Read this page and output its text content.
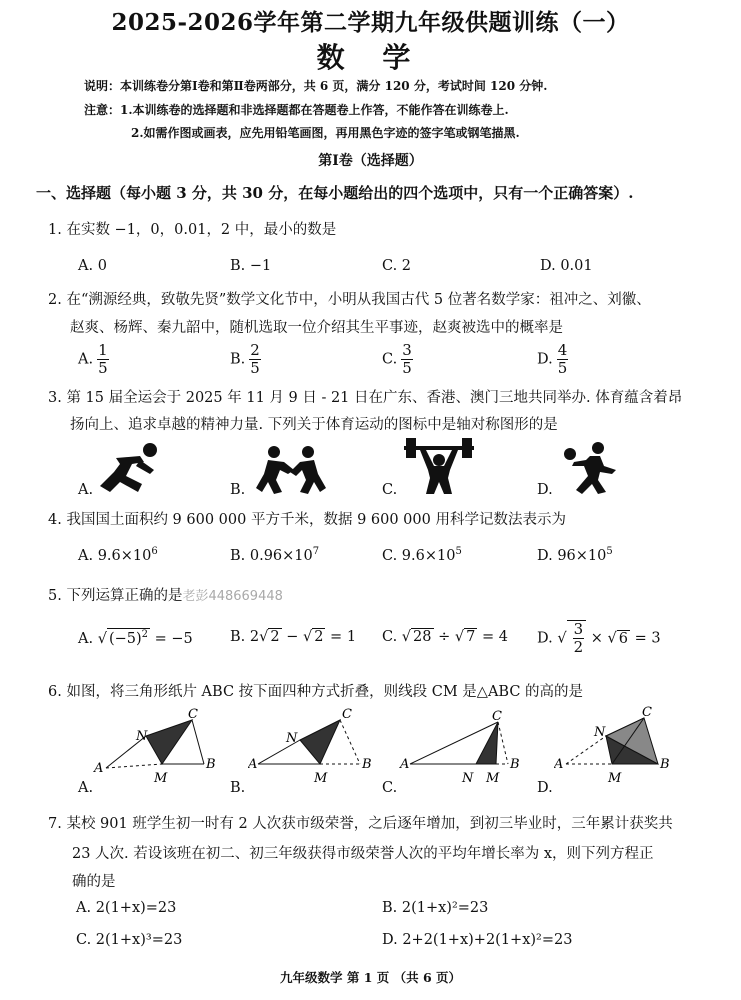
2025-2026学年第二学期九年级供题训练（一）
数 学
说明：本训练卷分第Ⅰ卷和第Ⅱ卷两部分，共 6 页，满分 120 分，考试时间 120 分钟.
注意：1.本训练卷的选择题和非选择题都在答题卷上作答，不能作答在训练卷上.
2.如需作图或画表，应先用铅笔画图，再用黑色字迹的签字笔或钢笔描黑.
第Ⅰ卷（选择题）
一、选择题（每小题 3 分，共 30 分，在每小题给出的四个选项中，只有一个正确答案）.
1. 在实数 −1，0，0.01，2 中，最小的数是
A. 0	B. −1	C. 2	D. 0.01
2. 在“溯源经典，致敬先贤”数学文化节中，小明从我国古代 5 位著名数学家：祖冲之、刘徽、
赵爽、杨辉、秦九韶中，随机选取一位介绍其生平事迹，赵爽被选中的概率是
A. $\frac{1}{5}$	B. $\frac{2}{5}$	C. $\frac{3}{5}$	D. $\frac{4}{5}$
3. 第 15 届全运会于 2025 年 11 月 9 日 - 21 日在广东、香港、澳门三地共同举办. 体育蕴含着昂
扬向上、追求卓越的精神力量. 下列关于体育运动的图标中是轴对称图形的是
A.	B.	C.	D.
4. 我国国土面积约 9 600 000 平方千米，数据 9 600 000 用科学记数法表示为
A. $9.6\times 10^6$	B. $0.96\times 10^7$	C. $9.6\times 10^5$	D. $96\times 10^5$
5. 下列运算正确的是老彭448669448
A. √ $(-5)^2 = -5$	B. 2√ 2 − √ 2 = 1 C. √ 28 ÷ √ 7 = 4 D. √ $\frac{3}{2}$ × √ 6 = 3
6. 如图，将三角形纸片 ABC 按下面四种方式折叠，则线段 CM 是△ABC 的高的是
A.	B.	C.	D.
A
N
C
B
M
A
N
C
B
M
A
C
B
N M
A
N
C
B
M
7. 某校 901 班学生初一时有 2 人次获市级荣誉，之后逐年增加，到初三毕业时，三年累计获奖共
23 人次. 若设该班在初二、初三年级获得市级荣誉人次的平均年增长率为 x，则下列方程正
确的是
A. 2(1+x)=23	B. 2(1+x)²=23
C. 2(1+x)³=23	D. 2+2(1+x)+2(1+x)²=23
九年级数学 第 1 页 （共 6 页）
